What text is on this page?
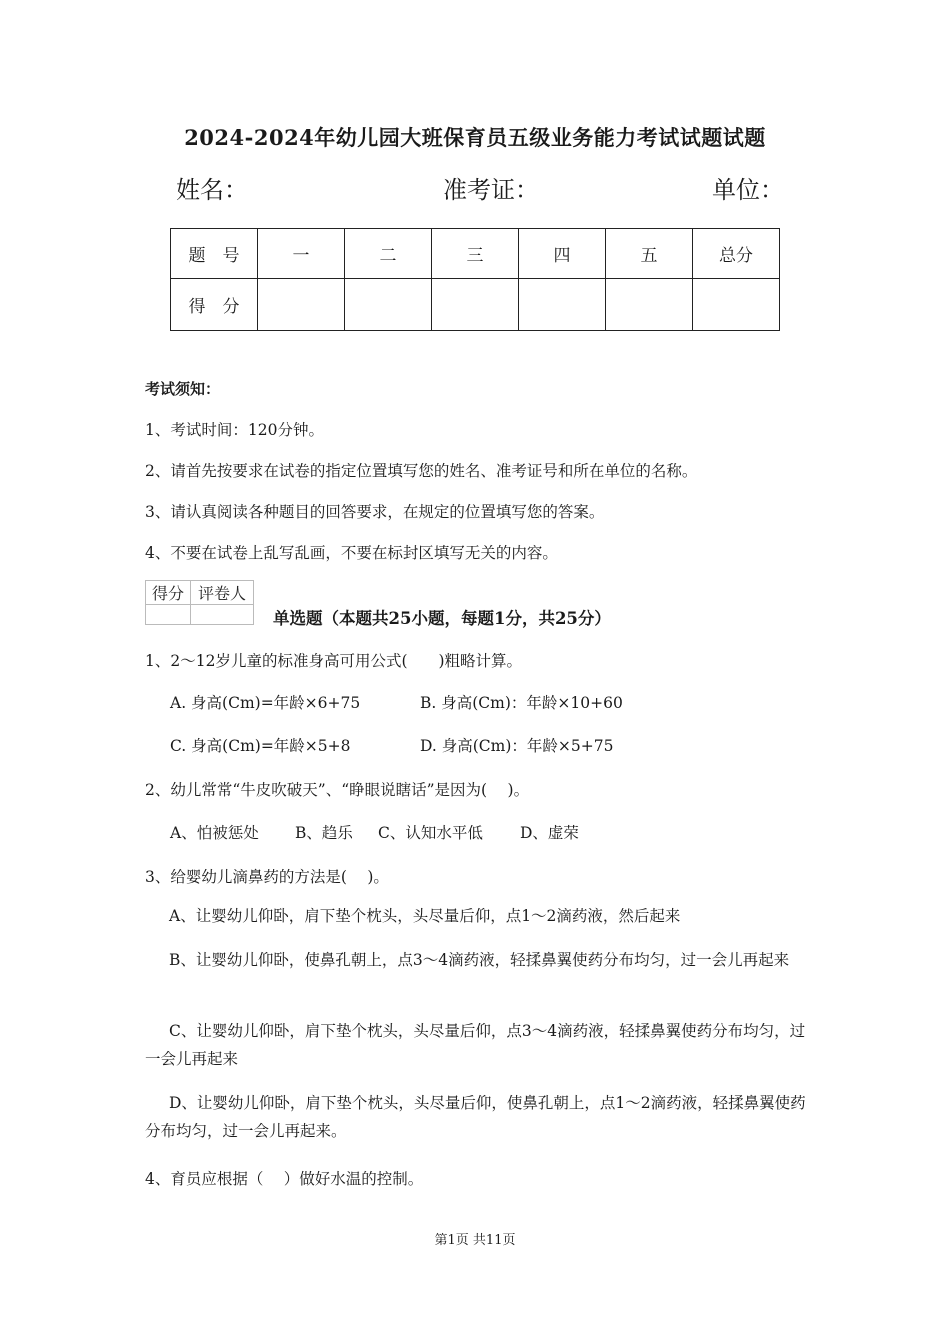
2024-2024年幼儿园大班保育员五级业务能力考试试题试题
姓名：	准考证：	单位：
题　号	一	二	三	四	五	总分
得　分						
考试须知：
1、考试时间：120分钟。
2、请首先按要求在试卷的指定位置填写您的姓名、准考证号和所在单位的名称。
3、请认真阅读各种题目的回答要求，在规定的位置填写您的答案。
4、不要在试卷上乱写乱画，不要在标封区填写无关的内容。
得分	评卷人

单选题（本题共25小题，每题1分，共25分）
1、2～12岁儿童的标准身高可用公式(　　)粗略计算。
A. 身高(Cm)=年龄×6+75	B. 身高(Cm)：年龄×10+60
C. 身高(Cm)=年龄×5+8	D. 身高(Cm)：年龄×5+75
2、幼儿常常“牛皮吹破天”、“睁眼说瞎话”是因为(　 )。
A、怕被惩处 B、趋乐 C、认知水平低 D、虚荣
3、给婴幼儿滴鼻药的方法是(　 )。
A、让婴幼儿仰卧，肩下垫个枕头，头尽量后仰，点1～2滴药液，然后起来
B、让婴幼儿仰卧，使鼻孔朝上，点3～4滴药液，轻揉鼻翼使药分布均匀，过一会儿再起来
C、让婴幼儿仰卧，肩下垫个枕头，头尽量后仰，点3～4滴药液，轻揉鼻翼使药分布均匀，过一会儿再起来
D、让婴幼儿仰卧，肩下垫个枕头，头尽量后仰，使鼻孔朝上，点1～2滴药液，轻揉鼻翼使药分布均匀，过一会儿再起来。
4、育员应根据（　 ）做好水温的控制。
第1页 共11页
